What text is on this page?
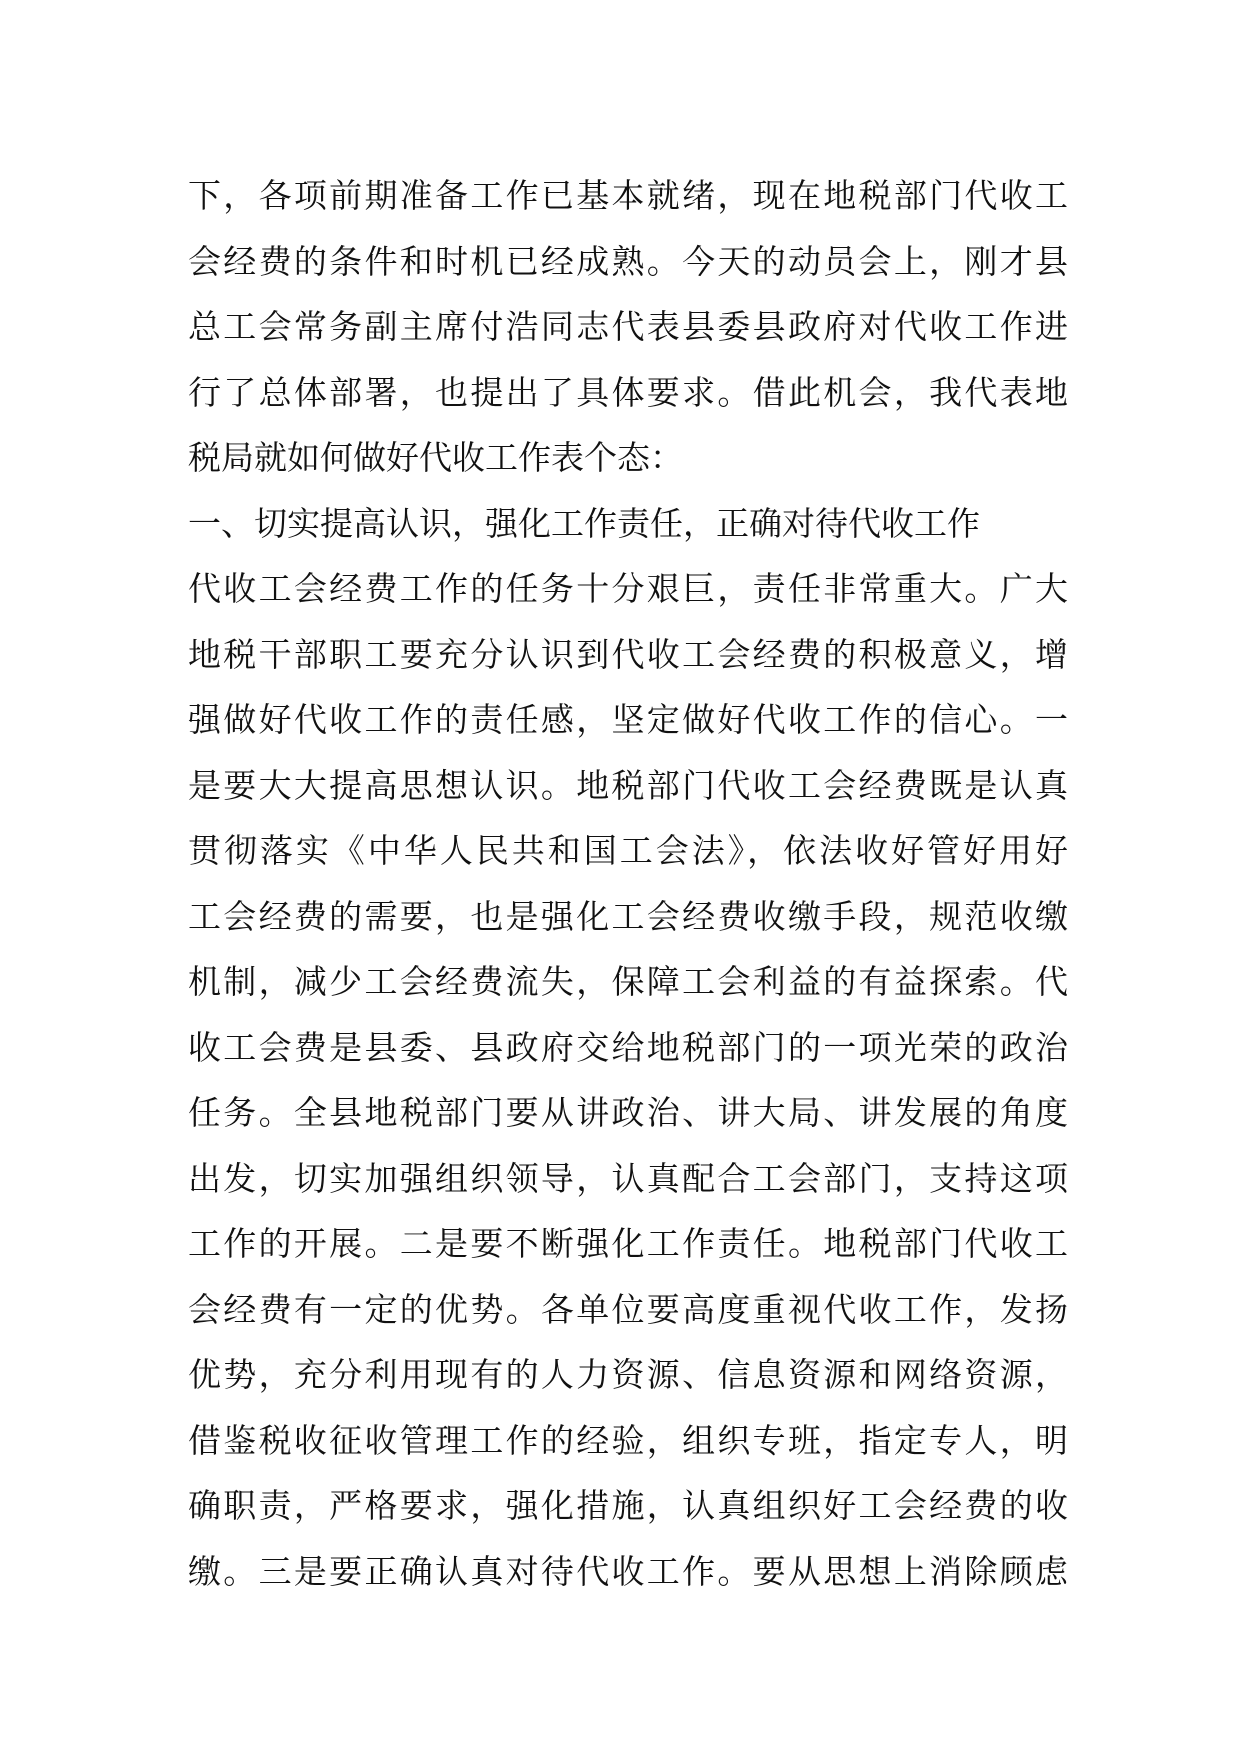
下，各项前期准备工作已基本就绪，现在地税部门代收工
会经费的条件和时机已经成熟。今天的动员会上，刚才县
总工会常务副主席付浩同志代表县委县政府对代收工作进
行了总体部署，也提出了具体要求。借此机会，我代表地
税局就如何做好代收工作表个态：
一、切实提高认识，强化工作责任，正确对待代收工作
代收工会经费工作的任务十分艰巨，责任非常重大。广大
地税干部职工要充分认识到代收工会经费的积极意义，增
强做好代收工作的责任感，坚定做好代收工作的信心。一
是要大大提高思想认识。地税部门代收工会经费既是认真
贯彻落实《中华人民共和国工会法》，依法收好管好用好
工会经费的需要，也是强化工会经费收缴手段，规范收缴
机制，减少工会经费流失，保障工会利益的有益探索。代
收工会费是县委、县政府交给地税部门的一项光荣的政治
任务。全县地税部门要从讲政治、讲大局、讲发展的角度
出发，切实加强组织领导，认真配合工会部门，支持这项
工作的开展。二是要不断强化工作责任。地税部门代收工
会经费有一定的优势。各单位要高度重视代收工作，发扬
优势，充分利用现有的人力资源、信息资源和网络资源，
借鉴税收征收管理工作的经验，组织专班，指定专人，明
确职责，严格要求，强化措施，认真组织好工会经费的收
缴。三是要正确认真对待代收工作。要从思想上消除顾虑
